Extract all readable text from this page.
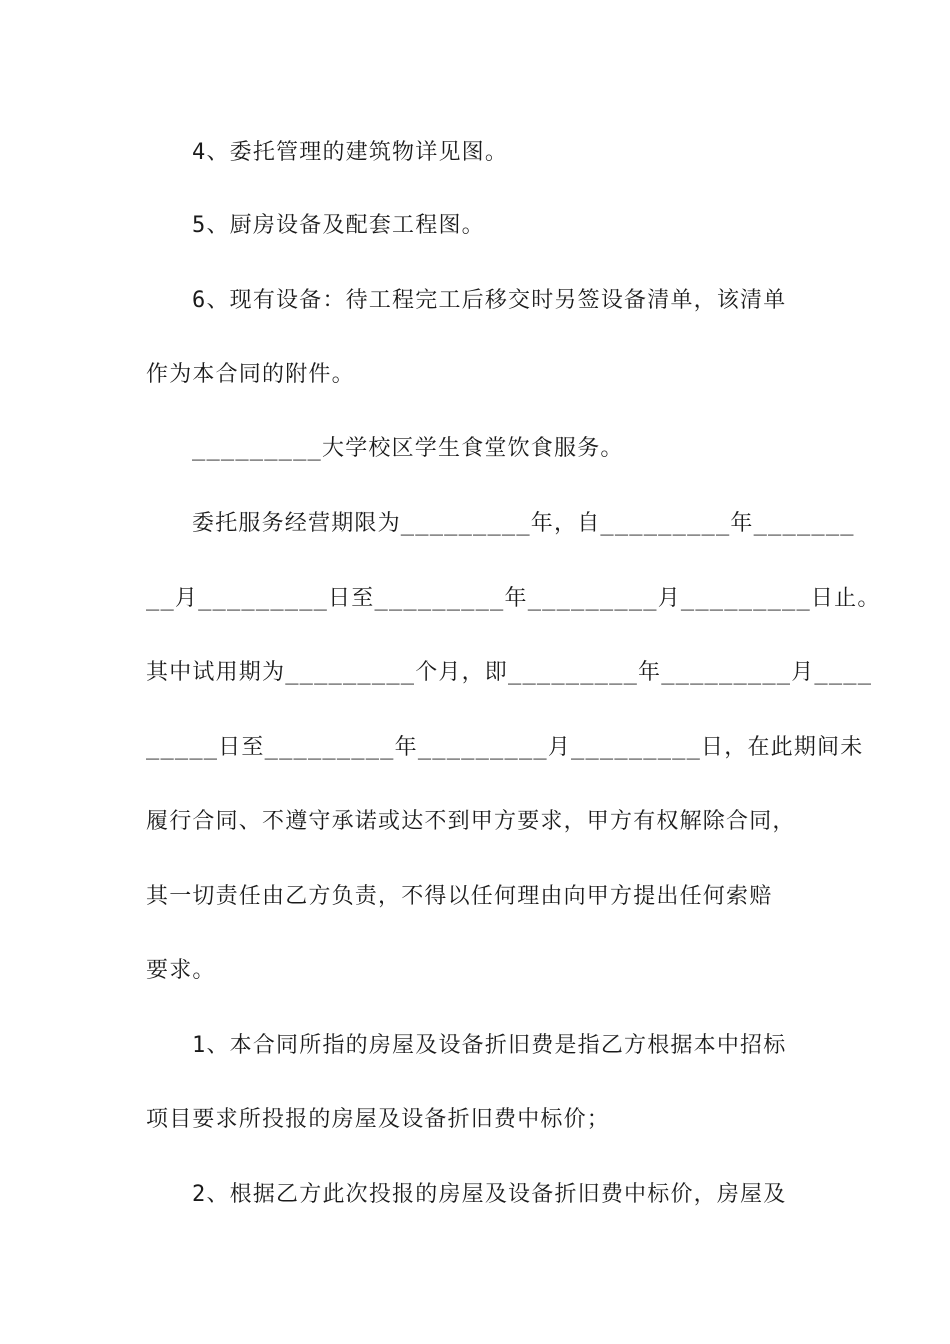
4、委托管理的建筑物详见图。
5、厨房设备及配套工程图。
6、现有设备：待工程完工后移交时另签设备清单，该清单
作为本合同的附件。
_________大学校区学生食堂饮食服务。
委托服务经营期限为_________年，自_________年_______
__月_________日至_________年_________月_________日止。
其中试用期为_________个月，即_________年_________月____
_____日至_________年_________月_________日，在此期间未
履行合同、不遵守承诺或达不到甲方要求，甲方有权解除合同，
其一切责任由乙方负责，不得以任何理由向甲方提出任何索赔
要求。
1、本合同所指的房屋及设备折旧费是指乙方根据本中招标
项目要求所投报的房屋及设备折旧费中标价；
2、根据乙方此次投报的房屋及设备折旧费中标价，房屋及
